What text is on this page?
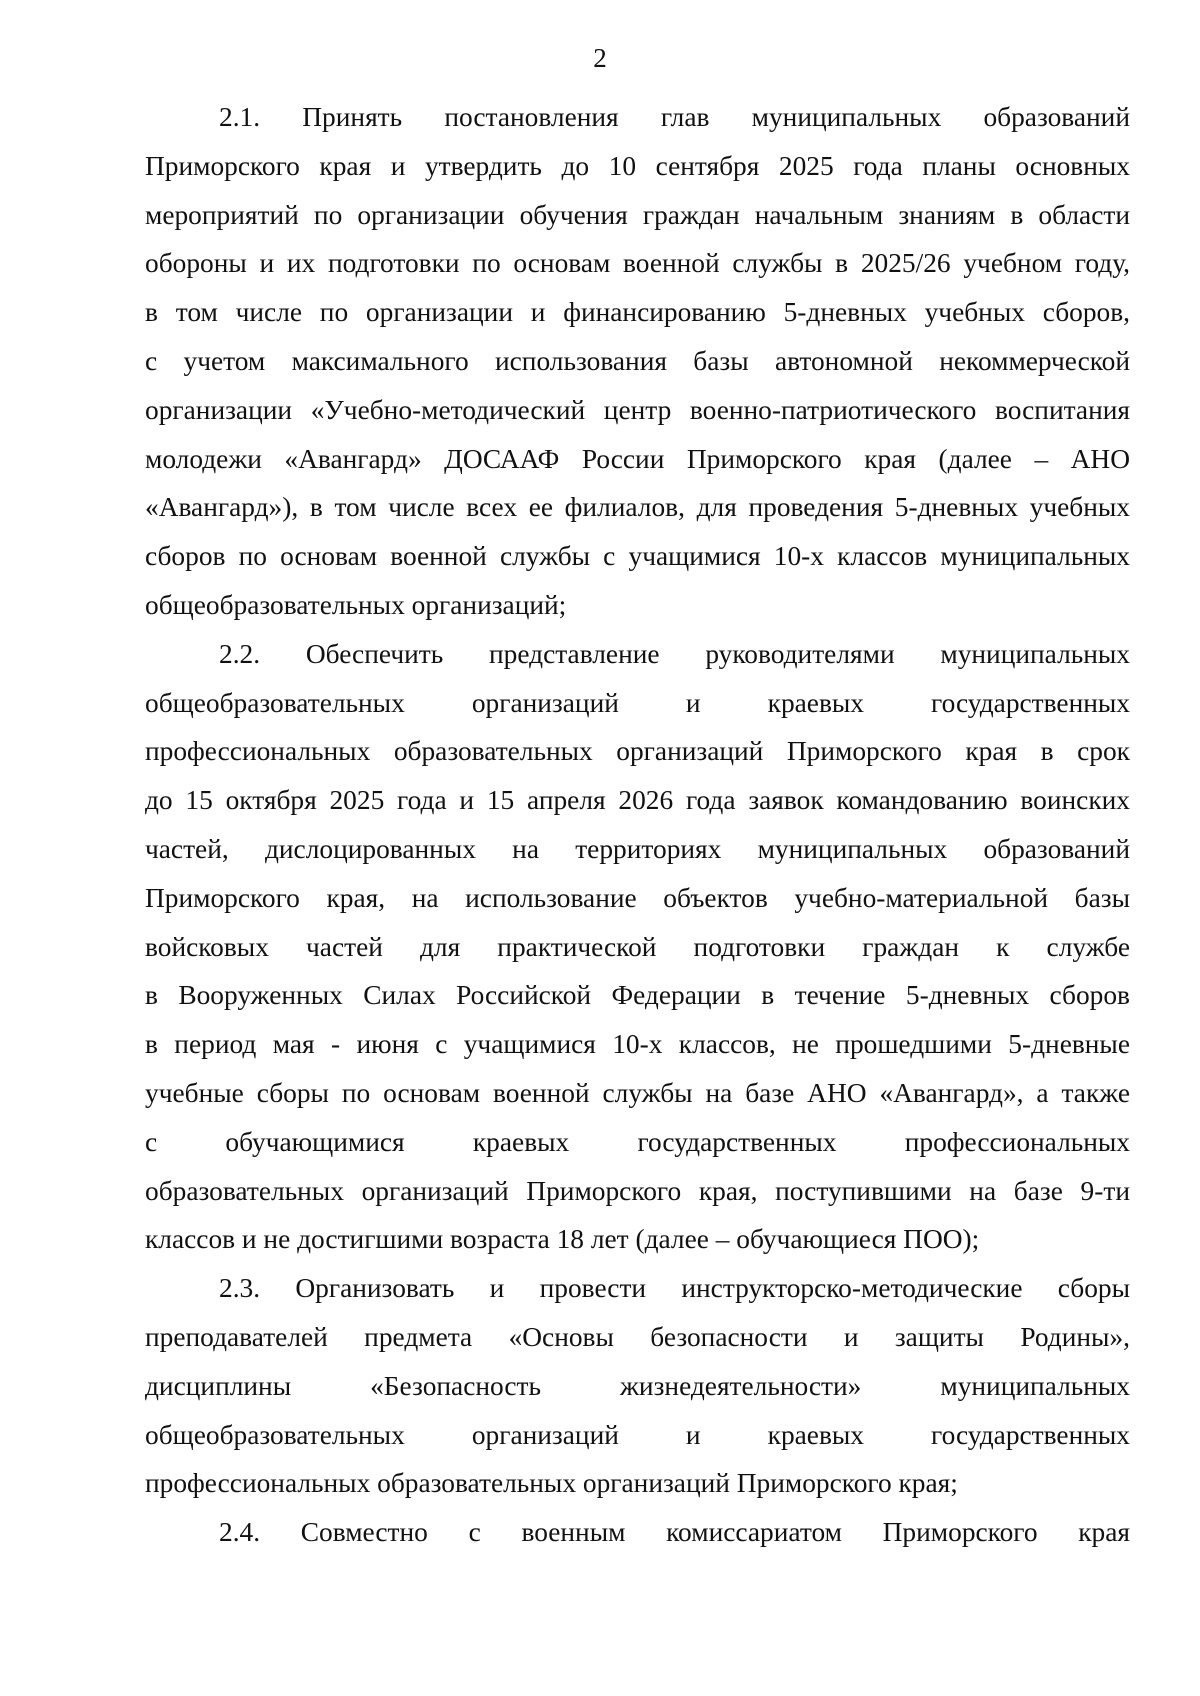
2
2.1. Принять постановления глав муниципальных образований
Приморского края и утвердить до 10 сентября 2025 года планы основных
мероприятий по организации обучения граждан начальным знаниям в области
обороны и их подготовки по основам военной службы в 2025/26 учебном году,
в том числе по организации и финансированию 5-дневных учебных сборов,
с учетом максимального использования базы автономной некоммерческой
организации «Учебно-методический центр военно-патриотического воспитания
молодежи «Авангард» ДОСААФ России Приморского края (далее – АНО
«Авангард»), в том числе всех ее филиалов, для проведения 5-дневных учебных
сборов по основам военной службы с учащимися 10-х классов муниципальных
общеобразовательных организаций;
2.2. Обеспечить представление руководителями муниципальных
общеобразовательных организаций и краевых государственных
профессиональных образовательных организаций Приморского края в срок
до 15 октября 2025 года и 15 апреля 2026 года заявок командованию воинских
частей, дислоцированных на территориях муниципальных образований
Приморского края, на использование объектов учебно-материальной базы
войсковых частей для практической подготовки граждан к службе
в Вооруженных Силах Российской Федерации в течение 5-дневных сборов
в период мая - июня с учащимися 10-х классов, не прошедшими 5-дневные
учебные сборы по основам военной службы на базе АНО «Авангард», а также
с обучающимися краевых государственных профессиональных
образовательных организаций Приморского края, поступившими на базе 9-ти
классов и не достигшими возраста 18 лет (далее – обучающиеся ПОО);
2.3. Организовать и провести инструкторско-методические сборы
преподавателей предмета «Основы безопасности и защиты Родины»,
дисциплины «Безопасность жизнедеятельности» муниципальных
общеобразовательных организаций и краевых государственных
профессиональных образовательных организаций Приморского края;
2.4. Совместно с военным комиссариатом Приморского края
